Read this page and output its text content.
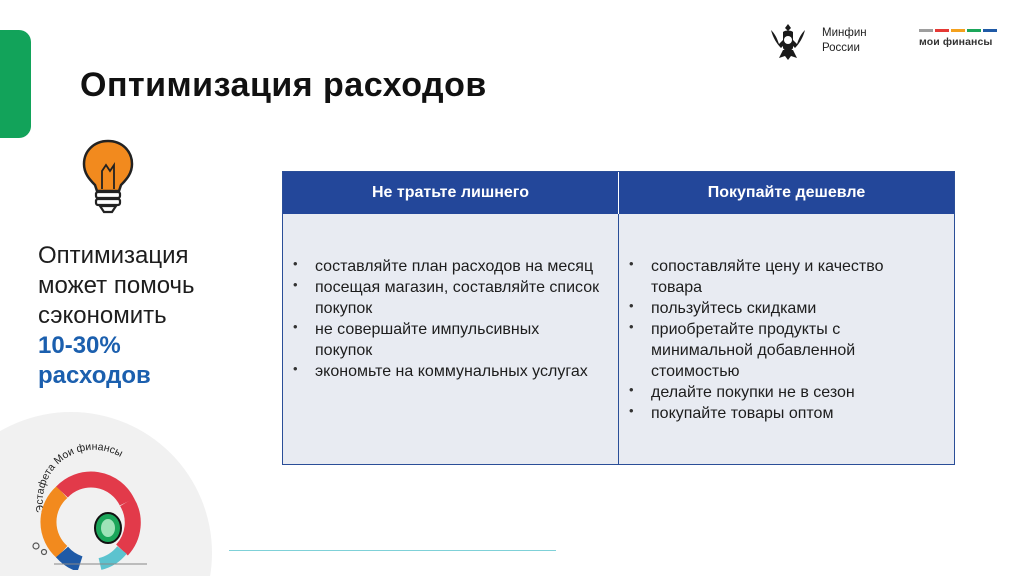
Оптимизация расходов
Минфин
России	мои финансы
Оптимизация может помочь сэкономить
10-30% расходов
Не тратьте лишнего	Покупайте дешевле
• составляйте план расходов на месяц
• посещая магазин, составляйте список покупок
• не совершайте импульсивных покупок
• экономьте на коммунальных услугах
• сопоставляйте цену и качество товара
• пользуйтесь скидками
• приобретайте продукты с минимальной добавленной стоимостью
• делайте покупки не в сезон
• покупайте товары оптом
Эстафета Мои финансы
